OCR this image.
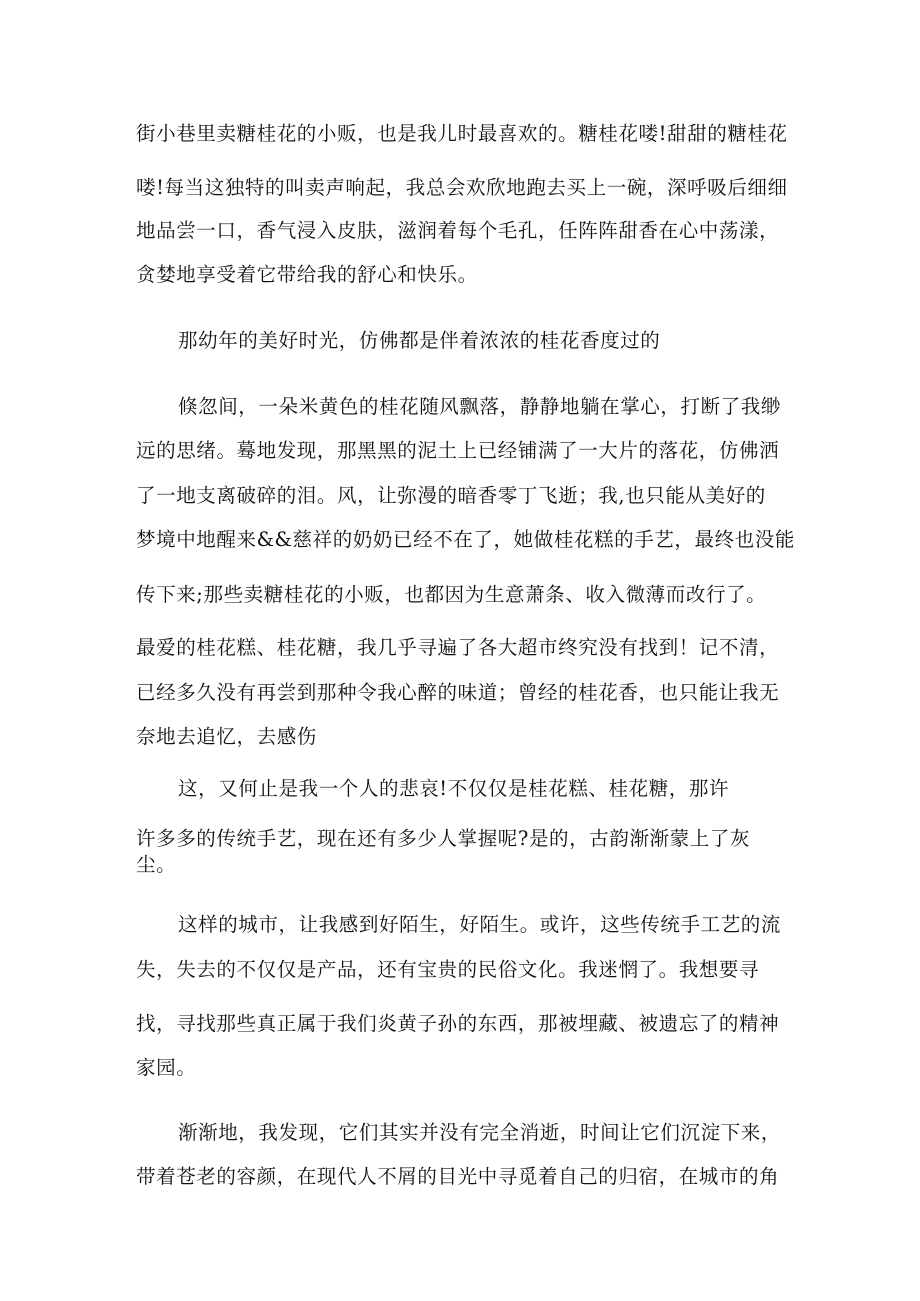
街小巷里卖糖桂花的小贩，也是我儿时最喜欢的。糖桂花喽!甜甜的糖桂花
喽!每当这独特的叫卖声响起，我总会欢欣地跑去买上一碗，深呼吸后细细
地品尝一口，香气浸入皮肤，滋润着每个毛孔，任阵阵甜香在心中荡漾，
贪婪地享受着它带给我的舒心和快乐。
那幼年的美好时光，仿佛都是伴着浓浓的桂花香度过的
倏忽间，一朵米黄色的桂花随风飘落，静静地躺在掌心，打断了我缈
远的思绪。蓦地发现，那黑黑的泥土上已经铺满了一大片的落花，仿佛洒
了一地支离破碎的泪。风，让弥漫的暗香零丁飞逝；我,也只能从美好的
梦境中地醒来&&慈祥的奶奶已经不在了，她做桂花糕的手艺，最终也没能
传下来;那些卖糖桂花的小贩，也都因为生意萧条、收入微薄而改行了。
最爱的桂花糕、桂花糖，我几乎寻遍了各大超市终究没有找到！记不清，
已经多久没有再尝到那种令我心醉的味道；曾经的桂花香，也只能让我无
奈地去追忆，去感伤
这，又何止是我一个人的悲哀!不仅仅是桂花糕、桂花糖，那许
许多多的传统手艺，现在还有多少人掌握呢?是的，古韵渐渐蒙上了灰
尘。
这样的城市，让我感到好陌生，好陌生。或许，这些传统手工艺的流
失，失去的不仅仅是产品，还有宝贵的民俗文化。我迷惘了。我想要寻
找，寻找那些真正属于我们炎黄子孙的东西，那被埋藏、被遗忘了的精神
家园。
渐渐地，我发现，它们其实并没有完全消逝，时间让它们沉淀下来，
带着苍老的容颜，在现代人不屑的目光中寻觅着自己的归宿，在城市的角
